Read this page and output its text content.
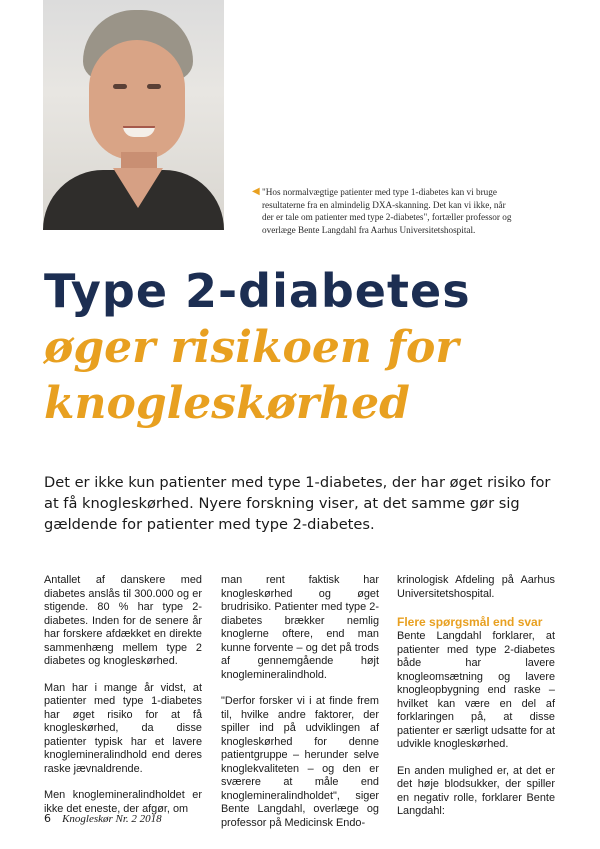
◀ "Hos normalvægtige patienter med type 1-diabetes kan vi bruge resultaterne fra en almindelig DXA-skanning. Det kan vi ikke, når der er tale om patienter med type 2-diabetes", fortæller professor og overlæge Bente Langdahl fra Aarhus Universitetshospital.
Type 2-diabetes
øger risikoen for knogleskørhed

Det er ikke kun patienter med type 1-diabetes, der har øget risiko for at få knogleskørhed. Nyere forskning viser, at det samme gør sig gældende for patienter med type 2-diabetes.

Antallet af danskere med diabetes anslås til 300.000 og er stigende. 80 % har type 2-diabetes. Inden for de senere år har forskere afdækket en direkte sammenhæng mellem type 2 diabetes og knogleskørhed.

Man har i mange år vidst, at patienter med type 1-diabetes har øget risiko for at få knogleskørhed, da disse patienter typisk har et lavere knoglemineralindhold end deres raske jævnaldrende.

Men knoglemineralindholdet er ikke det eneste, der afgør, om

man rent faktisk har knogleskørhed og øget brudrisiko. Patienter med type 2-diabetes brækker nemlig knoglerne oftere, end man kunne forvente – og det på trods af gennemgående højt knoglemineralindhold.

"Derfor forsker vi i at finde frem til, hvilke andre faktorer, der spiller ind på udviklingen af knogleskørhed for denne patientgruppe – herunder selve knoglekvaliteten – og den er sværere at måle end knoglemineralindholdet", siger Bente Langdahl, overlæge og professor på Medicinsk Endo-

krinologisk Afdeling på Aarhus Universitetshospital.

Flere spørgsmål end svar

Bente Langdahl forklarer, at patienter med type 2-diabetes både har lavere knogleomsætning og lavere knogleopbygning end raske – hvilket kan være en del af forklaringen på, at disse patienter er særligt udsatte for at udvikle knogleskørhed.

En anden mulighed er, at det er det høje blodsukker, der spiller en negativ rolle, forklarer Bente Langdahl:

6 Knogleskør Nr. 2 2018
